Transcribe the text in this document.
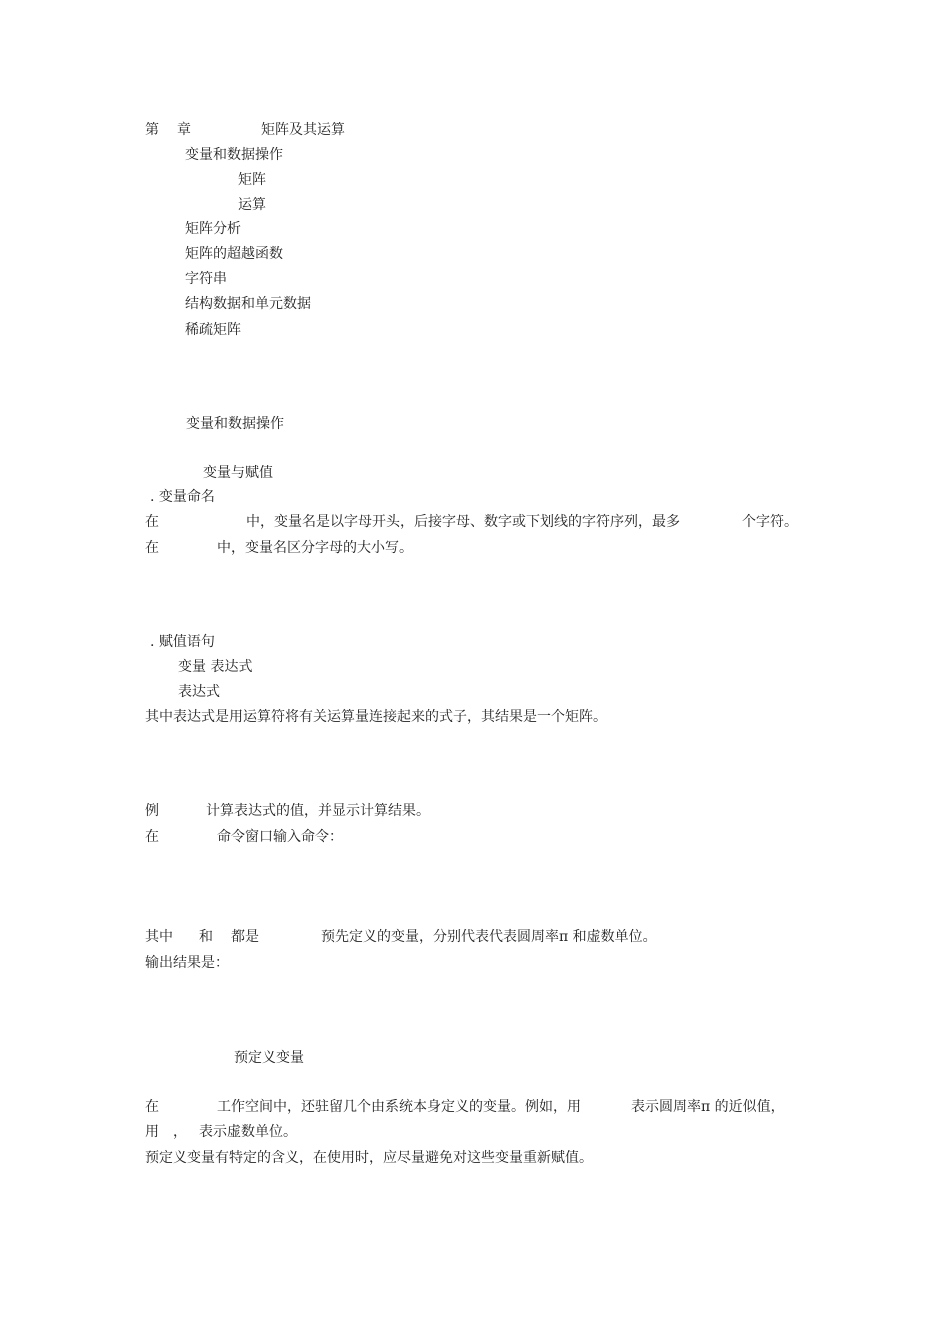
第 章	矩阵及其运算
变量和数据操作
矩阵
运算
矩阵分析
矩阵的超越函数
字符串
结构数据和单元数据
稀疏矩阵
变量和数据操作
变量与赋值
. 变量命名
在	中，变量名是以字母开头，后接字母、数字或下划线的字符序列，最多	个字符。
在	中，变量名区分字母的大小写。
. 赋值语句
变量 表达式
表达式
其中表达式是用运算符将有关运算量连接起来的式子，其结果是一个矩阵。
例	计算表达式的值，并显示计算结果。
在	命令窗口输入命令：
其中 和 都是	预先定义的变量，分别代表代表圆周率π 和虚数单位。
输出结果是：
预定义变量
在	工作空间中，还驻留几个由系统本身定义的变量。例如，用	表示圆周率π 的近似值，
用 ， 表示虚数单位。
预定义变量有特定的含义，在使用时，应尽量避免对这些变量重新赋值。
